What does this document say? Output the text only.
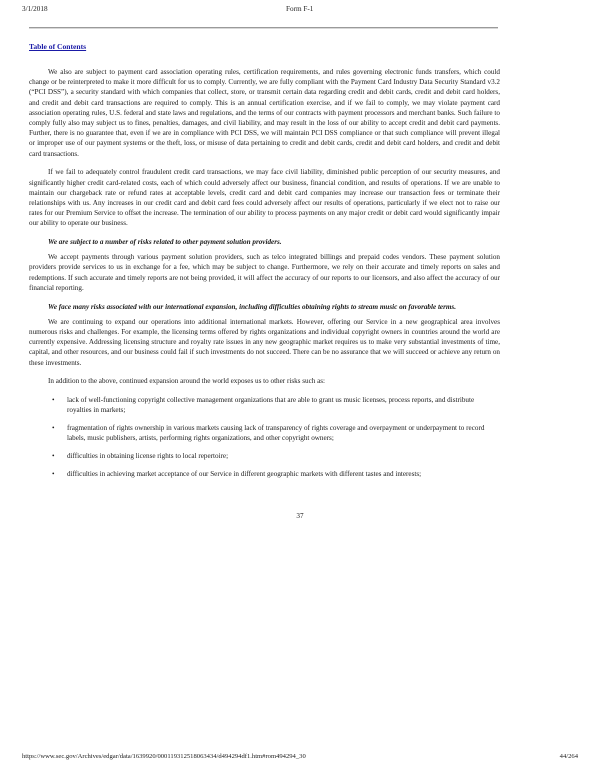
3/1/2018	Form F-1
Table of Contents

We also are subject to payment card association operating rules, certification requirements, and rules governing electronic funds transfers, which could change or be reinterpreted to make it more difficult for us to comply. Currently, we are fully compliant with the Payment Card Industry Data Security Standard v3.2 (“PCI DSS”), a security standard with which companies that collect, store, or transmit certain data regarding credit and debit cards, credit and debit card holders, and credit and debit card transactions are required to comply. This is an annual certification exercise, and if we fail to comply, we may violate payment card association operating rules, U.S. federal and state laws and regulations, and the terms of our contracts with payment processors and merchant banks. Such failure to comply fully also may subject us to fines, penalties, damages, and civil liability, and may result in the loss of our ability to accept credit and debit card payments. Further, there is no guarantee that, even if we are in compliance with PCI DSS, we will maintain PCI DSS compliance or that such compliance will prevent illegal or improper use of our payment systems or the theft, loss, or misuse of data pertaining to credit and debit cards, credit and debit card holders, and credit and debit card transactions.

If we fail to adequately control fraudulent credit card transactions, we may face civil liability, diminished public perception of our security measures, and significantly higher credit card-related costs, each of which could adversely affect our business, financial condition, and results of operations. If we are unable to maintain our chargeback rate or refund rates at acceptable levels, credit card and debit card companies may increase our transaction fees or terminate their relationships with us. Any increases in our credit card and debit card fees could adversely affect our results of operations, particularly if we elect not to raise our rates for our Premium Service to offset the increase. The termination of our ability to process payments on any major credit or debit card would significantly impair our ability to operate our business.

We are subject to a number of risks related to other payment solution providers.

We accept payments through various payment solution providers, such as telco integrated billings and prepaid codes vendors. These payment solution providers provide services to us in exchange for a fee, which may be subject to change. Furthermore, we rely on their accurate and timely reports on sales and redemptions. If such accurate and timely reports are not being provided, it will affect the accuracy of our reports to our licensors, and also affect the accuracy of our financial reporting.

We face many risks associated with our international expansion, including difficulties obtaining rights to stream music on favorable terms.

We are continuing to expand our operations into additional international markets. However, offering our Service in a new geographical area involves numerous risks and challenges. For example, the licensing terms offered by rights organizations and individual copyright owners in countries around the world are currently expensive. Addressing licensing structure and royalty rate issues in any new geographic market requires us to make very substantial investments of time, capital, and other resources, and our business could fail if such investments do not succeed. There can be no assurance that we will succeed or achieve any return on these investments.

In addition to the above, continued expansion around the world exposes us to other risks such as:

• lack of well-functioning copyright collective management organizations that are able to grant us music licenses, process reports, and distribute royalties in markets;
• fragmentation of rights ownership in various markets causing lack of transparency of rights coverage and overpayment or underpayment to record labels, music publishers, artists, performing rights organizations, and other copyright owners;
• difficulties in obtaining license rights to local repertoire;
• difficulties in achieving market acceptance of our Service in different geographic markets with different tastes and interests;
37
https://www.sec.gov/Archives/edgar/data/1639920/000119312518063434/d494294df1.htm#rom494294_30	44/264
